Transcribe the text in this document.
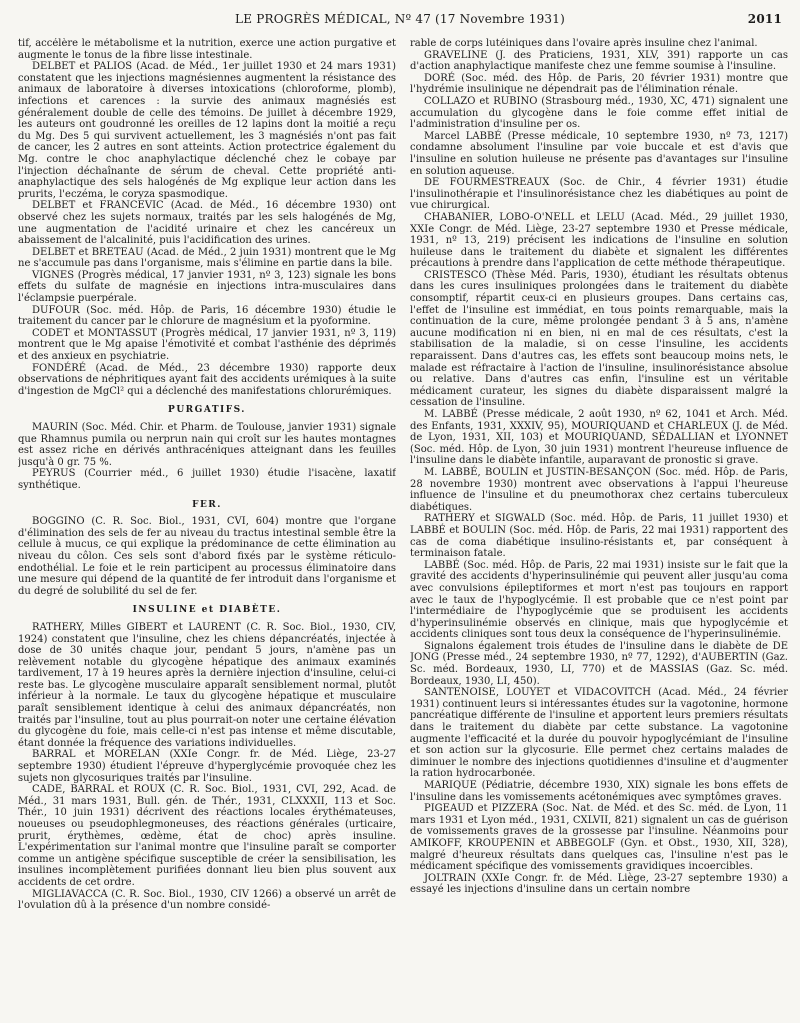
LE PROGRÈS MÉDICAL, Nº 47 (17 Novembre 1931)	2011

tif, accélère le métabolisme et la nutrition, exerce une action purgative et augmente le tonus de la fibre lisse intestinale.

DELBET et PALIOS (Acad. de Méd., 1er juillet 1930 et 24 mars 1931) constatent que les injections magnésiennes augmentent la résistance des animaux de laboratoire à diverses intoxications (chloroforme, plomb), infections et carences : la survie des animaux magnésiés est généralement double de celle des témoins. De juillet à décembre 1929, les auteurs ont goudronné les oreilles de 12 lapins dont la moitié a reçu du Mg. Des 5 qui survivent actuellement, les 3 magnésiés n'ont pas fait de cancer, les 2 autres en sont atteints. Action protectrice également du Mg. contre le choc anaphylactique déclenché chez le cobaye par l'injection déchaînante de sérum de cheval. Cette propriété anti-anaphylactique des sels halogénés de Mg explique leur action dans les prurits, l'eczéma, le coryza spasmodique.

DELBET et FRANCEVIC (Acad. de Méd., 16 décembre 1930) ont observé chez les sujets normaux, traités par les sels halogénés de Mg, une augmentation de l'acidité urinaire et chez les cancéreux un abaissement de l'alcalinité, puis l'acidification des urines.

DELBET et BRETEAU (Acad. de Méd., 2 juin 1931) montrent que le Mg ne s'accumule pas dans l'organisme, mais s'élimine en partie dans la bile.

VIGNES (Progrès médical, 17 janvier 1931, nº 3, 123) signale les bons effets du sulfate de magnésie en injections intra-musculaires dans l'éclampsie puerpérale.

DUFOUR (Soc. méd. Hôp. de Paris, 16 décembre 1930) étudie le traitement du cancer par le chlorure de magnésium et la pyoformine.

CODET et MONTASSUT (Progrès médical, 17 janvier 1931, nº 3, 119) montrent que le Mg apaise l'émotivité et combat l'asthénie des déprimés et des anxieux en psychiatrie.

FONDÉRÉ (Acad. de Méd., 23 décembre 1930) rapporte deux observations de néphritiques ayant fait des accidents urémiques à la suite d'ingestion de MgCl² qui a déclenché des manifestations chlorurémiques.

PURGATIFS.

MAURIN (Soc. Méd. Chir. et Pharm. de Toulouse, janvier 1931) signale que Rhamnus pumila ou nerprun nain qui croît sur les hautes montagnes est assez riche en dérivés anthracéniques atteignant dans les feuilles jusqu'à 0 gr. 75 %.

PEYRUS (Courrier méd., 6 juillet 1930) étudie l'isacène, laxatif synthétique.

FER.

BOGGINO (C. R. Soc. Biol., 1931, CVI, 604) montre que l'organe d'élimination des sels de fer au niveau du tractus intestinal semble être la cellule à mucus, ce qui explique la prédominance de cette élimination au niveau du côlon. Ces sels sont d'abord fixés par le système réticulo-endothélial. Le foie et le rein participent au processus éliminatoire dans une mesure qui dépend de la quantité de fer introduit dans l'organisme et du degré de solubilité du sel de fer.

INSULINE et DIABÈTE.

RATHERY, Milles GIBERT et LAURENT (C. R. Soc. Biol., 1930, CIV, 1924) constatent que l'insuline, chez les chiens dépancréatés, injectée à dose de 30 unités chaque jour, pendant 5 jours, n'amène pas un relèvement notable du glycogène hépatique des animaux examinés tardivement, 17 à 19 heures après la dernière injection d'insuline, celui-ci reste bas. Le glycogène musculaire apparaît sensiblement normal, plutôt inférieur à la normale. Le taux du glycogène hépatique et musculaire paraît sensiblement identique à celui des animaux dépancréatés, non traités par l'insuline, tout au plus pourrait-on noter une certaine élévation du glycogène du foie, mais celle-ci n'est pas intense et même discutable, étant donnée la fréquence des variations individuelles.

BARRAL et MORELAN (XXIe Congr. fr. de Méd. Liège, 23-27 septembre 1930) étudient l'épreuve d'hyperglycémie provoquée chez les sujets non glycosuriques traités par l'insuline.

CADE, BARRAL et ROUX (C. R. Soc. Biol., 1931, CVI, 292, Acad. de Méd., 31 mars 1931, Bull. gén. de Thér., 1931, CLXXXII, 113 et Soc. Thér., 10 juin 1931) décrivent des réactions locales érythémateuses, noueuses ou pseudophlegmoneuses, des réactions générales (urticaire, prurit, érythèmes, œdème, état de choc) après insuline. L'expérimentation sur l'animal montre que l'insuline paraît se comporter comme un antigène spécifique susceptible de créer la sensibilisation, les insulines incomplètement purifiées donnant lieu bien plus souvent aux accidents de cet ordre.

MIGLIAVACCA (C. R. Soc. Biol., 1930, CIV 1266) a observé un arrêt de l'ovulation dû à la présence d'un nombre considé-

rable de corps lutéiniques dans l'ovaire après insuline chez l'animal.

GRAVELINE (J. des Praticiens, 1931, XLV, 391) rapporte un cas d'action anaphylactique manifeste chez une femme soumise à l'insuline.

DORÉ (Soc. méd. des Hôp. de Paris, 20 février 1931) montre que l'hydrémie insulinique ne dépendrait pas de l'élimination rénale.

COLLAZO et RUBINO (Strasbourg méd., 1930, XC, 471) signalent une accumulation du glycogène dans le foie comme effet initial de l'administration d'insuline per os.

Marcel LABBÉ (Presse médicale, 10 septembre 1930, nº 73, 1217) condamne absolument l'insuline par voie buccale et est d'avis que l'insuline en solution huileuse ne présente pas d'avantages sur l'insuline en solution aqueuse.

DE FOURMESTREAUX (Soc. de Chir., 4 février 1931) étudie l'insulinothérapie et l'insulinorésistance chez les diabétiques au point de vue chirurgical.

CHABANIER, LOBO-O'NELL et LELU (Acad. Méd., 29 juillet 1930, XXIe Congr. de Méd. Liège, 23-27 septembre 1930 et Presse médicale, 1931, nº 13, 219) précisent les indications de l'insuline en solution huileuse dans le traitement du diabète et signalent les différentes précautions à prendre dans l'application de cette méthode thérapeutique.

CRISTESCO (Thèse Méd. Paris, 1930), étudiant les résultats obtenus dans les cures insuliniques prolongées dans le traitement du diabète consomptif, répartit ceux-ci en plusieurs groupes. Dans certains cas, l'effet de l'insuline est immédiat, en tous points remarquable, mais la continuation de la cure, même prolongée pendant 3 à 5 ans, n'amène aucune modification ni en bien, ni en mal de ces résultats, c'est la stabilisation de la maladie, si on cesse l'insuline, les accidents reparaissent. Dans d'autres cas, les effets sont beaucoup moins nets, le malade est réfractaire à l'action de l'insuline, insulinorésistance absolue ou relative. Dans d'autres cas enfin, l'insuline est un véritable médicament curateur, les signes du diabète disparaissent malgré la cessation de l'insuline.

M. LABBÉ (Presse médicale, 2 août 1930, nº 62, 1041 et Arch. Méd. des Enfants, 1931, XXXIV, 95), MOURIQUAND et CHARLEUX (J. de Méd. de Lyon, 1931, XII, 103) et MOURIQUAND, SÉDALLIAN et LYONNET (Soc. méd. Hôp. de Lyon, 30 juin 1931) montrent l'heureuse influence de l'insuline dans le diabète infantile, auparavant de pronostic si grave.

M. LABBÉ, BOULIN et JUSTIN-BESANÇON (Soc. méd. Hôp. de Paris, 28 novembre 1930) montrent avec observations à l'appui l'heureuse influence de l'insuline et du pneumothorax chez certains tuberculeux diabétiques.

RATHERY et SIGWALD (Soc. méd. Hôp. de Paris, 11 juillet 1930) et LABBÉ et BOULIN (Soc. méd. Hôp. de Paris, 22 mai 1931) rapportent des cas de coma diabétique insulino-résistants et, par conséquent à terminaison fatale.

LABBÉ (Soc. méd. Hôp. de Paris, 22 mai 1931) insiste sur le fait que la gravité des accidents d'hyperinsulinémie qui peuvent aller jusqu'au coma avec convulsions épileptiformes et mort n'est pas toujours en rapport avec le taux de l'hypoglycémie. Il est probable que ce n'est point par l'intermédiaire de l'hypoglycémie que se produisent les accidents d'hyperinsulinémie observés en clinique, mais que hypoglycémie et accidents cliniques sont tous deux la conséquence de l'hyperinsulinémie.

Signalons également trois études de l'insuline dans le diabète de DE JONG (Presse méd., 24 septembre 1930, nº 77, 1292), d'AUBERTIN (Gaz. Sc. méd. Bordeaux, 1930, LI, 770) et de MASSIAS (Gaz. Sc. méd. Bordeaux, 1930, LI, 450).

SANTENOISE, LOUYET et VIDACOVITCH (Acad. Méd., 24 février 1931) continuent leurs si intéressantes études sur la vagotonine, hormone pancréatique différente de l'insuline et apportent leurs premiers résultats dans le traitement du diabète par cette substance. La vagotonine augmente l'efficacité et la durée du pouvoir hypoglycémiant de l'insuline et son action sur la glycosurie. Elle permet chez certains malades de diminuer le nombre des injections quotidiennes d'insuline et d'augmenter la ration hydrocarbonée.

MARIQUE (Pédiatrie, décembre 1930, XIX) signale les bons effets de l'insuline dans les vomissements acétonémiques avec symptômes graves.

PIGEAUD et PIZZERA (Soc. Nat. de Méd. et des Sc. méd. de Lyon, 11 mars 1931 et Lyon méd., 1931, CXLVII, 821) signalent un cas de guérison de vomissements graves de la grossesse par l'insuline. Néanmoins pour AMIKOFF, KROUPENIN et ABBEGOLF (Gyn. et Obst., 1930, XII, 328), malgré d'heureux résultats dans quelques cas, l'insuline n'est pas le médicament spécifique des vomissements gravidiques incoercibles.

JOLTRAIN (XXIe Congr. fr. de Méd. Liège, 23-27 septembre 1930) a essayé les injections d'insuline dans un certain nombre
